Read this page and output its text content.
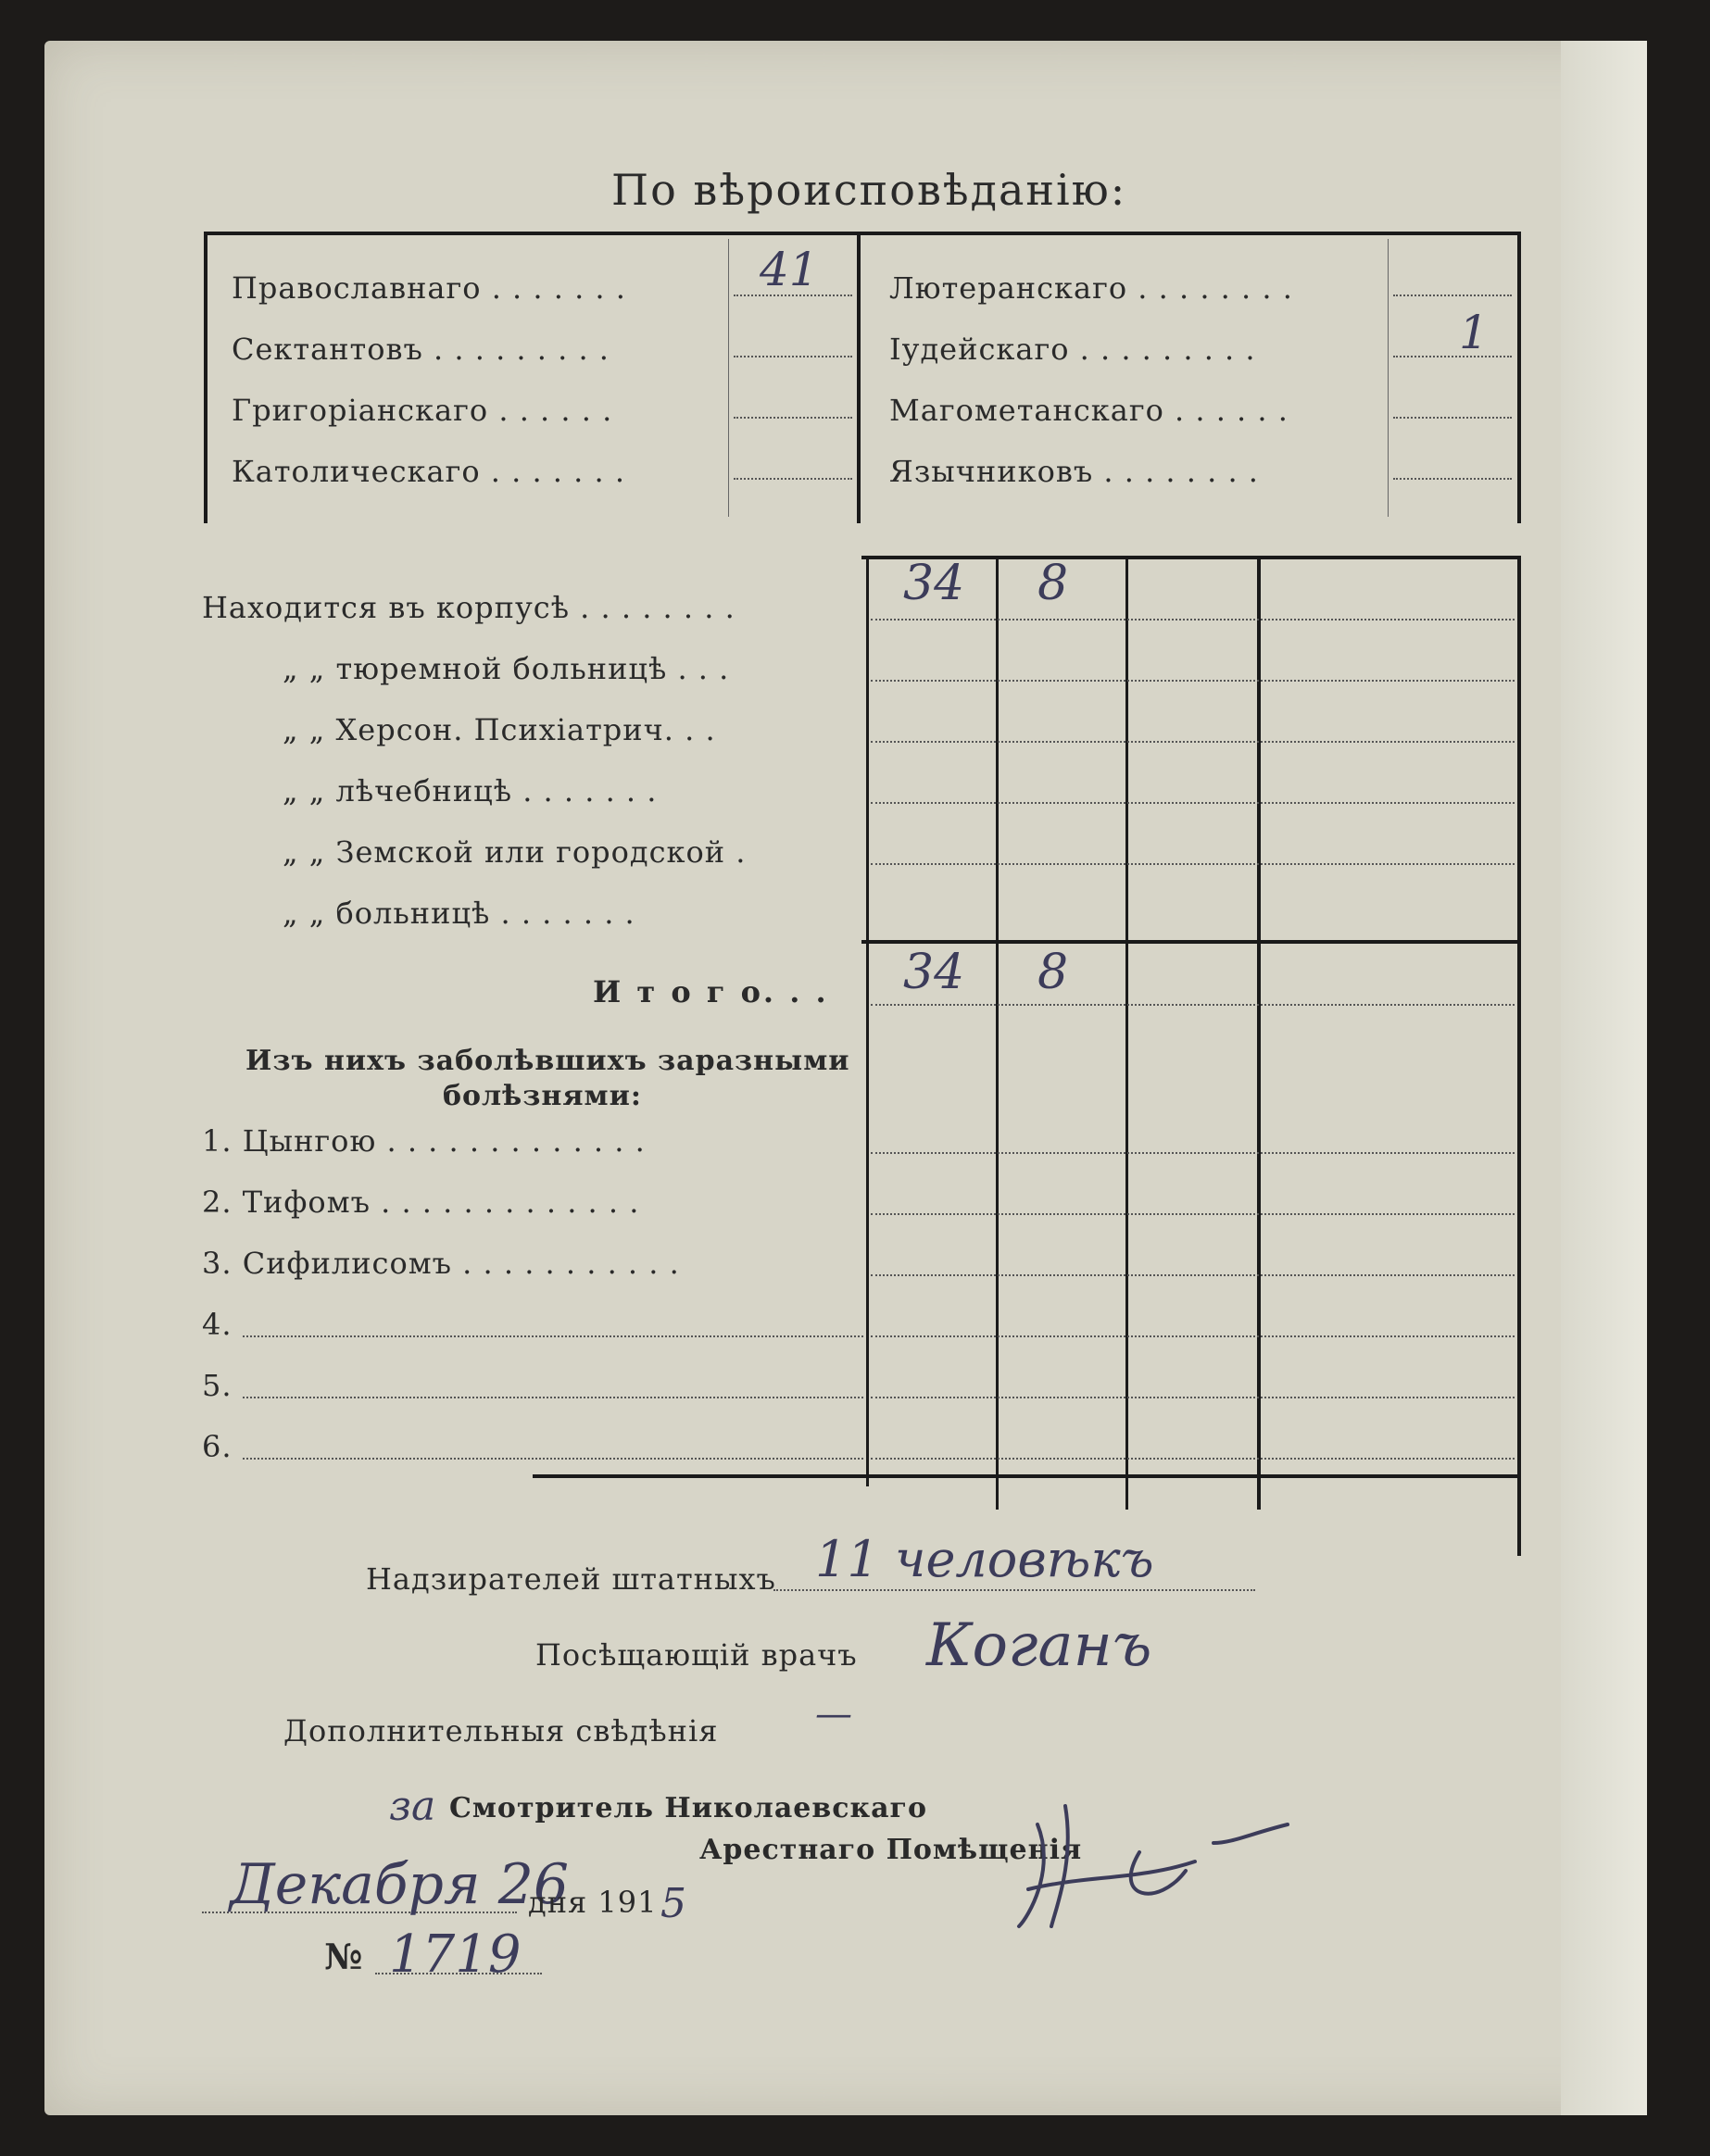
По вѣроисповѣданію:
Православнаго . . . . . . .
Сектантовъ . . . . . . . . .
Григоріанскаго . . . . . .
Католическаго . . . . . . .
41 Лютеранскаго . . . . . . . .
Іудейскаго . . . . . . . . .
Магометанскаго . . . . . .
Язычниковъ . . . . . . . .
1
Находится въ корпусѣ . . . . . . . .
„ „ тюремной больницѣ . . .
„ „ Херсон. Психіатрич. . .
„ „ лѣчебницѣ . . . . . . .
„ „ Земской или городской .
„ „ больницѣ . . . . . . .
34 8
И т о г о. . . 34 8
Изъ нихъ заболѣвшихъ заразными
болѣзнями:
1. Цынгою . . . . . . . . . . . . .
2. Тифомъ . . . . . . . . . . . . .
3. Сифилисомъ . . . . . . . . . . .
4.
5.
6.
Надзирателей штатныхъ 11 человѣкъ
Посѣщающій врачъ Коганъ
Дополнительныя свѣдѣнія	—
за Смотритель Николаевскаго
Арестнаго Помѣщенія
Декабря 26
дня 191 5
№ 1719
